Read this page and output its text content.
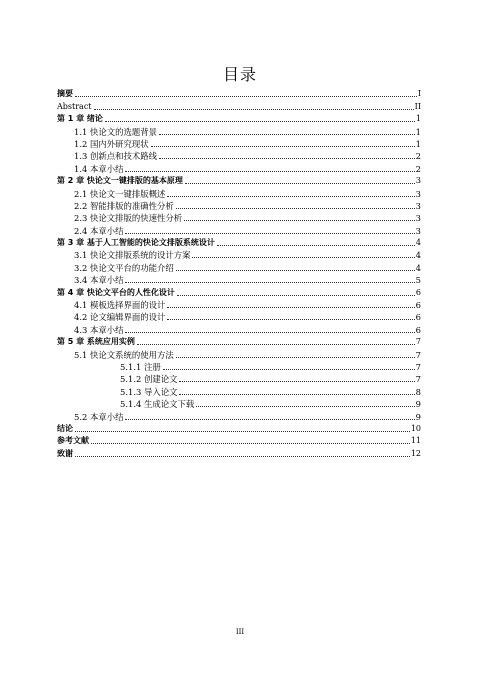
目录
摘要	I
Abstract	II
第 1 章 绪论	1
1.1 快论文的选题背景	1
1.2 国内外研究现状	1
1.3 创新点和技术路线	2
1.4 本章小结	2
第 2 章 快论文一键排版的基本原理	3
2.1 快论文一键排版概述	3
2.2 智能排版的准确性分析	3
2.3 快论文排版的快速性分析	3
2.4 本章小结	3
第 3 章 基于人工智能的快论文排版系统设计	4
3.1 快论文排版系统的设计方案	4
3.2 快论文平台的功能介绍	4
3.4 本章小结	5
第 4 章 快论文平台的人性化设计	6
4.1 模板选择界面的设计	6
4.2 论文编辑界面的设计	6
4.3 本章小结	6
第 5 章 系统应用实例	7
5.1 快论文系统的使用方法	7
5.1.1 注册	7
5.1.2 创建论文	7
5.1.3 导入论文	8
5.1.4 生成论文下载	9
5.2 本章小结	9
结论	10
参考文献	11
致谢	12
III
